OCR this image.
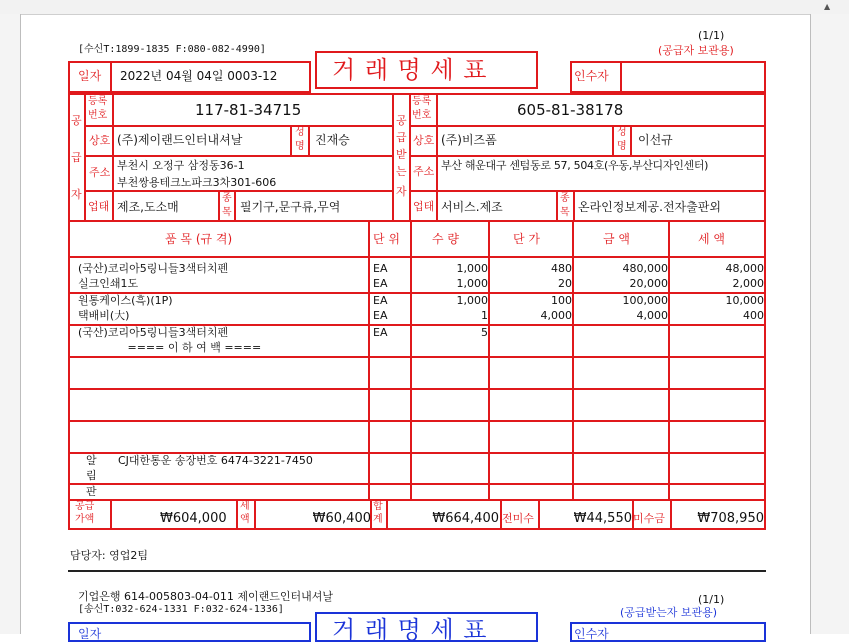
▲
(1/1)
[수신T:1899-1835 F:080-082-4990]	(공급자 보관용)
거 래 명 세 표
일자 2022년 04월 04일 0003-12	인수자
공
급
자
등록
번호	117-81-34715
상호 (주)제이랜드인터내셔날
성
명 진재승
주소
부천시 오정구 삼정동36-1
부천쌍용테크노파크3차301-606
업태 제조,도소매
종
목 필기구,문구류,무역
공
급
받
는
자
등록
번호	605-81-38178
상호 (주)비즈폼
성
명 이선규
주소 부산 해운대구 센텀동로 57, 504호(우동,부산디자인센터)
업태 서비스.제조
종
목 온라인정보제공.전자출판외
품 목 (규 격)	단 위	수 량	단 가	금 액	세 액
(국산)코리아5링니들3색터치펜	EA	1,000	480	480,000	48,000
실크인쇄1도	EA	1,000	20	20,000	2,000
원통케이스(흑)(1P)	EA	1,000	100	100,000	10,000
택배비(大)	EA	1	4,000	4,000	400
(국산)코리아5링니들3색터치펜	EA	5
==== 이 하 여 백 ====
알
림
판
CJ대한통운 송장번호 6474-3221-7450
공급
가액	₩604,000
세
액	₩60,400
합
계	₩664,400 전미수	₩44,550 미수금 ₩708,950
담당자: 영업2팀
기업은행 614-005803-04-011 제이랜드인터내셔날	(1/1)
[송신T:032-624-1331 F:032-624-1336]	(공급받는자 보관용)
거 래 명 세 표
일자	인수자
